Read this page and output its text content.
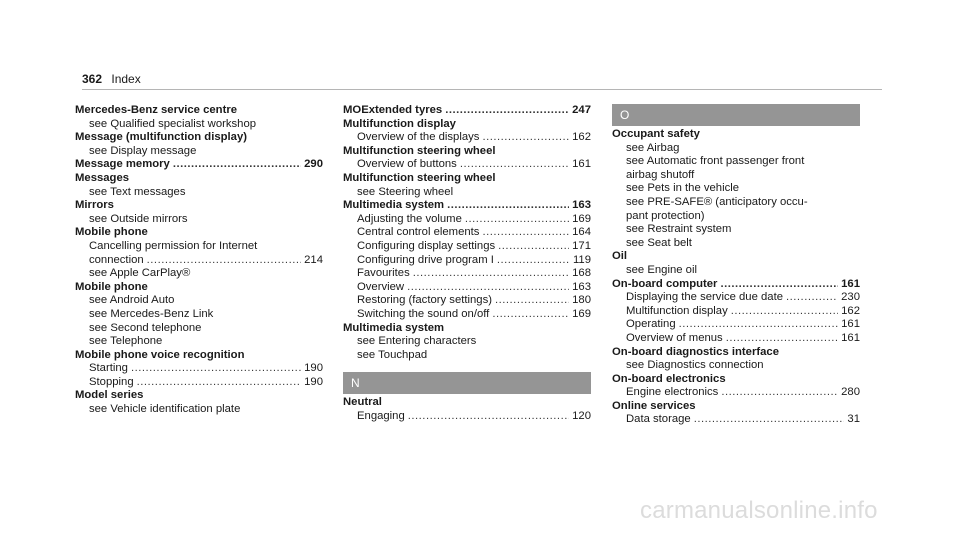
362 Index
Mercedes-Benz service centre
see Qualified specialist workshop
Message (multifunction display)
see Display message
Message memory .....	290
Messages
see Text messages
Mirrors
see Outside mirrors
Mobile phone
Cancelling permission for Internet
connection .....	214
see Apple CarPlay®
Mobile phone
see Android Auto
see Mercedes-Benz Link
see Second telephone
see Telephone
Mobile phone voice recognition
Starting .....	190
Stopping .....	190
Model series
see Vehicle identification plate
MOExtended tyres .....	247
Multifunction display
Overview of the displays .....	162
Multifunction steering wheel
Overview of buttons .....	161
Multifunction steering wheel
see Steering wheel
Multimedia system .....	163
Adjusting the volume .....	169
Central control elements .....	164
Configuring display settings .....	171
Configuring drive program I .....	119
Favourites .....	168
Overview .....	163
Restoring (factory settings) .....	180
Switching the sound on/off .....	169
Multimedia system
see Entering characters
see Touchpad
N
Neutral
Engaging .....	120
O
Occupant safety
see Airbag
see Automatic front passenger front
airbag shutoff
see Pets in the vehicle
see PRE-SAFE® (anticipatory occu-
pant protection)
see Restraint system
see Seat belt
Oil
see Engine oil
On-board computer .....	161
Displaying the service due date .....	230
Multifunction display .....	162
Operating .....	161
Overview of menus .....	161
On-board diagnostics interface
see Diagnostics connection
On-board electronics
Engine electronics .....	280
Online services
Data storage .....	31
carmanualsonline.info
